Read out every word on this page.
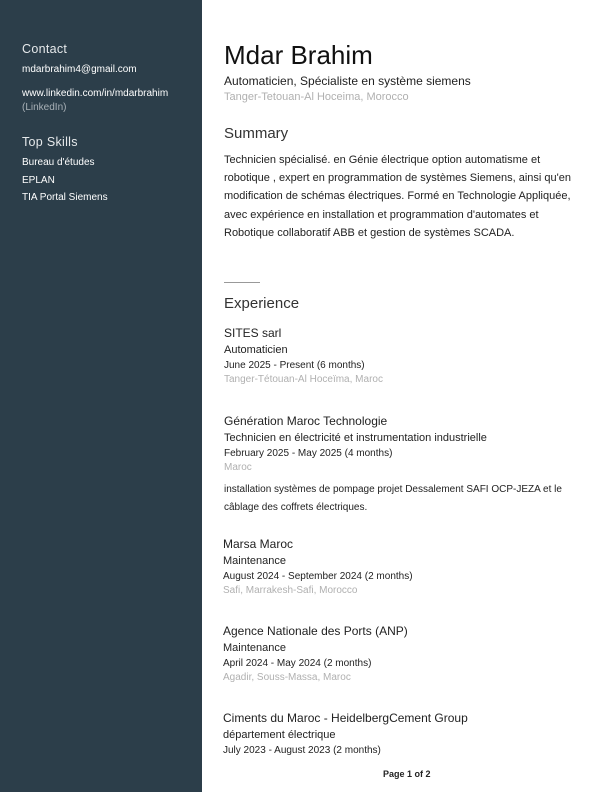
Contact
mdarbrahim4@gmail.com
www.linkedin.com/in/mdarbrahim
(LinkedIn)
Top Skills
Bureau d'études
EPLAN
TIA Portal Siemens
Mdar Brahim
Automaticien, Spécialiste en système siemens
Tanger-Tetouan-Al Hoceima, Morocco
Summary
Technicien spécialisé. en Génie électrique option automatisme et robotique , expert en programmation de systèmes Siemens, ainsi qu'en modification de schémas électriques. Formé en Technologie Appliquée, avec expérience en installation et programmation d'automates et Robotique collaboratif ABB et gestion de systèmes SCADA.
Experience
SITES sarl
Automaticien
June 2025 - Present (6 months)
Tanger-Tétouan-Al Hoceïma, Maroc
Génération Maroc Technologie
Technicien en électricité et instrumentation industrielle
February 2025 - May 2025 (4 months)
Maroc
installation systèmes de pompage projet Dessalement SAFI OCP-JEZA et le câblage des coffrets électriques.
Marsa Maroc
Maintenance
August 2024 - September 2024 (2 months)
Safi, Marrakesh-Safi, Morocco
Agence Nationale des Ports (ANP)
Maintenance
April 2024 - May 2024 (2 months)
Agadir, Souss-Massa, Maroc
Ciments du Maroc - HeidelbergCement Group
département électrique
July 2023 - August 2023 (2 months)
Page 1 of 2
